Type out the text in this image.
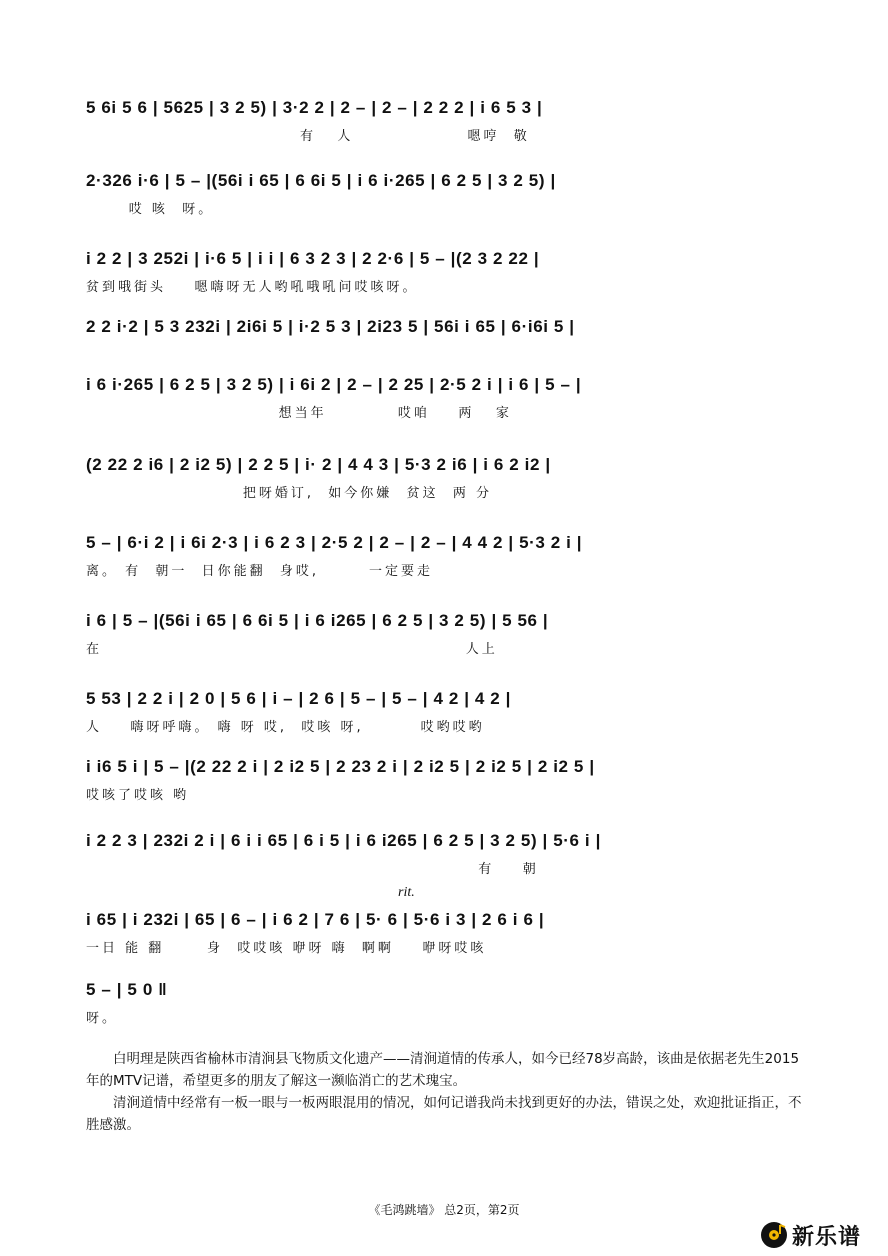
5 6i 5 6 | 5625 | 3 2 5) | 3·2 2 | 2 – | 2 – | 2 2 2 | i 6 5 3 |
有   人                嗯哼  敬
2·326 i·6 | 5 – |(56i i 65 | 6 6i 5 | i 6 i·265 | 6 2 5 | 3 2 5) |
哎 咳  呀。
i 2 2 | 3 252i | i·6 5 | i i | 6 3 2 3 | 2 2·6 | 5 – |(2 3 2 22 |
贫到哦街头    嗯嗨呀无人哟吼哦吼问哎咳呀。
2 2 i·2 | 5 3 232i | 2i6i 5 | i·2 5 3 | 2i23 5 | 56i i 65 | 6·i6i 5 |
i 6 i·265 | 6 2 5 | 3 2 5) | i 6i 2 | 2 – | 2 25 | 2·5 2 i | i 6 | 5 – |
想当年          哎咱    两   家
(2 22 2 i6 | 2 i2 5) | 2 2 5 | i· 2 | 4 4 3 | 5·3 2 i6 | i 6 2 i2 |
把呀婚订,  如今你嫌  贫这  两 分
5 – | 6·i 2 | i 6i 2·3 | i 6 2 3 | 2·5 2 | 2 – | 2 – | 4 4 2 | 5·3 2 i |
离。 有  朝一  日你能翻  身哎,       一定要走
i 6 | 5 – |(56i i 65 | 6 6i 5 | i 6 i265 | 6 2 5 | 3 2 5) | 5 56 |
在                                                   人上
5 53 | 2 2 i | 2 0 | 5 6 | i – | 2 6 | 5 – | 5 – | 4 2 | 4 2 |
人    嗨呀呼嗨。 嗨 呀 哎,  哎咳 呀,        哎哟哎哟
i i6 5 i | 5 – |(2 22 2 i | 2 i2 5 | 2 23 2 i | 2 i2 5 | 2 i2 5 | 2 i2 5 |
哎咳了哎咳 哟
i 2 2 3 | 232i 2 i | 6 i i 65 | 6 i 5 | i 6 i265 | 6 2 5 | 3 2 5) | 5·6 i |
有    朝
rit.
i 65 | i 232i | 65 | 6 – | i 6 2 | 7 6 | 5· 6 | 5·6 i 3 | 2 6 i 6 |
一日 能 翻      身  哎哎咳 咿呀 嗨  啊啊    咿呀哎咳
5 – | 5 0 ‖
呀。

白明理是陕西省榆林市清涧县飞物质文化遗产——清涧道情的传承人，如今已经78岁高龄，该曲是依据老先生2015年的MTV记谱，希望更多的朋友了解这一濒临消亡的艺术瑰宝。

清涧道情中经常有一板一眼与一板两眼混用的情况，如何记谱我尚未找到更好的办法，错误之处，欢迎批证指正，不胜感激。

《毛鸿跳墙》 总2页，第2页
新乐谱
